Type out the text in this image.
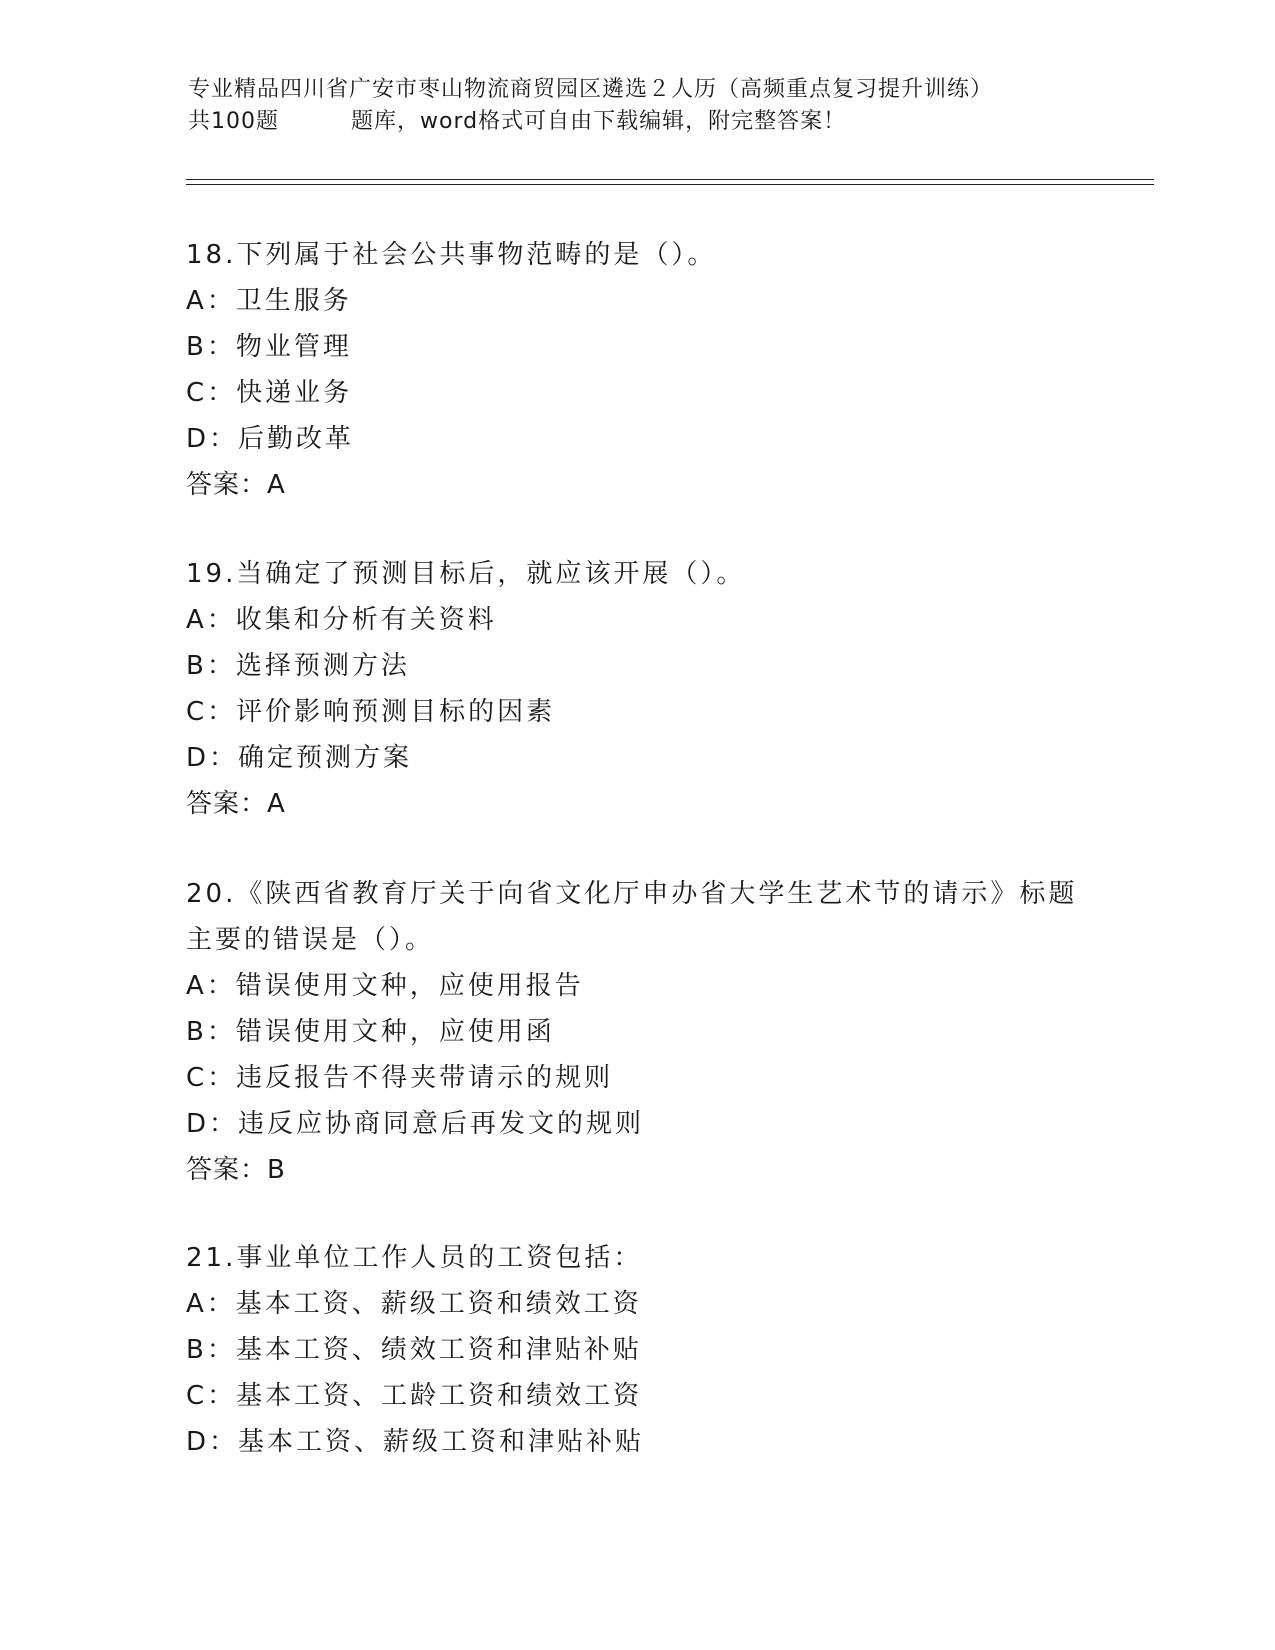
专业精品四川省广安市枣山物流商贸园区遴选２人历（高频重点复习提升训练）
共100题	题库，word格式可自由下载编辑，附完整答案！
18.下列属于社会公共事物范畴的是（）。
A：卫生服务
B：物业管理
C：快递业务
D：后勤改革
答案：A
19.当确定了预测目标后，就应该开展（）。
A：收集和分析有关资料
B：选择预测方法
C：评价影响预测目标的因素
D：确定预测方案
答案：A
20.《陕西省教育厅关于向省文化厅申办省大学生艺术节的请示》标题
主要的错误是（）。
A：错误使用文种，应使用报告
B：错误使用文种，应使用函
C：违反报告不得夹带请示的规则
D：违反应协商同意后再发文的规则
答案：B
21.事业单位工作人员的工资包括：
A：基本工资、薪级工资和绩效工资
B：基本工资、绩效工资和津贴补贴
C：基本工资、工龄工资和绩效工资
D：基本工资、薪级工资和津贴补贴
